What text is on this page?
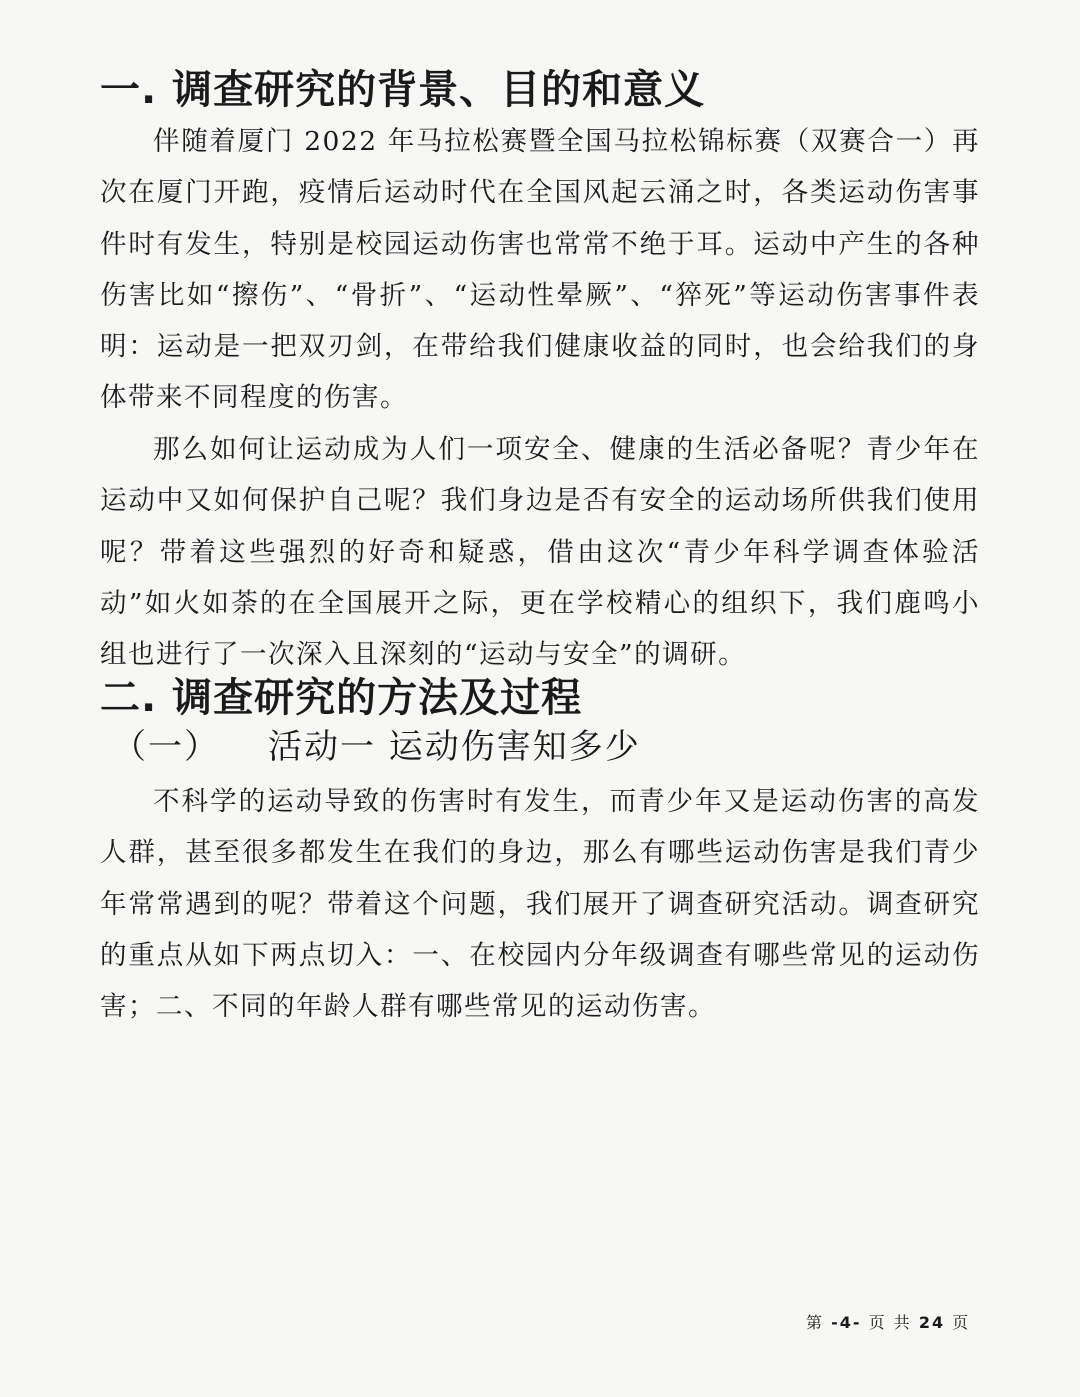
一. 调查研究的背景、目的和意义

伴随着厦门 2022 年马拉松赛暨全国马拉松锦标赛（双赛合一）再次在厦门开跑，疫情后运动时代在全国风起云涌之时，各类运动伤害事件时有发生，特别是校园运动伤害也常常不绝于耳。运动中产生的各种伤害比如“擦伤”、“骨折”、“运动性晕厥”、“猝死”等运动伤害事件表明：运动是一把双刃剑，在带给我们健康收益的同时，也会给我们的身体带来不同程度的伤害。

那么如何让运动成为人们一项安全、健康的生活必备呢？青少年在运动中又如何保护自己呢？我们身边是否有安全的运动场所供我们使用呢？带着这些强烈的好奇和疑惑，借由这次“青少年科学调查体验活动”如火如荼的在全国展开之际，更在学校精心的组织下，我们鹿鸣小组也进行了一次深入且深刻的“运动与安全”的调研。

二. 调查研究的方法及过程
（一） 活动一 运动伤害知多少

不科学的运动导致的伤害时有发生，而青少年又是运动伤害的高发人群，甚至很多都发生在我们的身边，那么有哪些运动伤害是我们青少年常常遇到的呢？带着这个问题，我们展开了调查研究活动。调查研究的重点从如下两点切入：一、在校园内分年级调查有哪些常见的运动伤害；二、不同的年龄人群有哪些常见的运动伤害。

第 -4- 页 共 24 页
